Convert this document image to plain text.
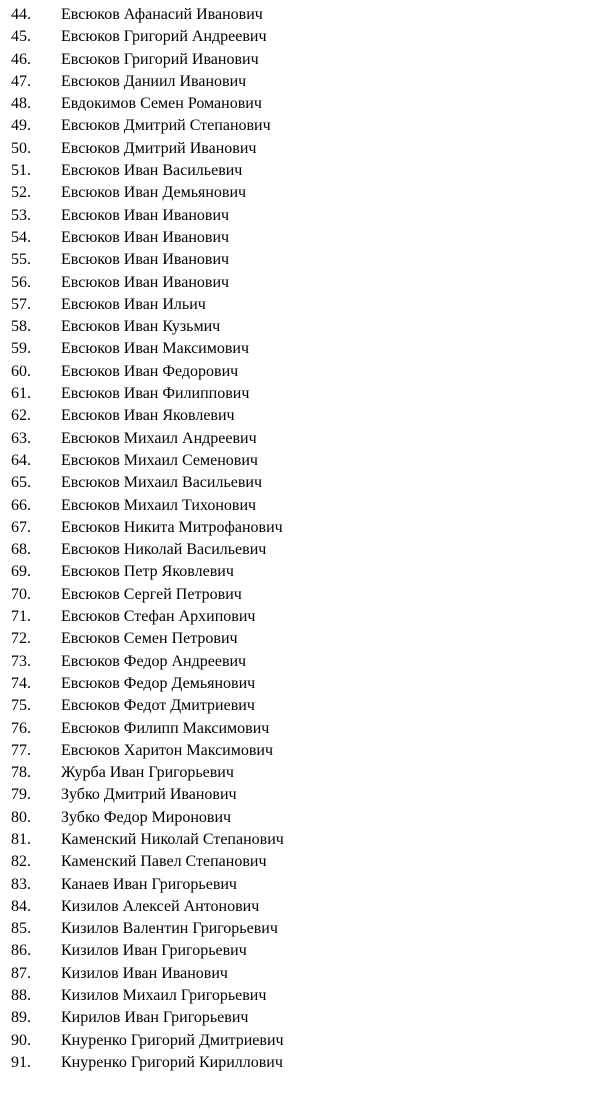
44. Евсюков Афанасий Иванович
45. Евсюков Григорий Андреевич
46. Евсюков Григорий Иванович
47. Евсюков Даниил Иванович
48. Евдокимов Семен Романович
49. Евсюков Дмитрий Степанович
50. Евсюков Дмитрий Иванович
51. Евсюков Иван Васильевич
52. Евсюков Иван Демьянович
53. Евсюков Иван Иванович
54. Евсюков Иван Иванович
55. Евсюков Иван Иванович
56. Евсюков Иван Иванович
57. Евсюков Иван Ильич
58. Евсюков Иван Кузьмич
59. Евсюков Иван Максимович
60. Евсюков Иван Федорович
61. Евсюков Иван Филиппович
62. Евсюков Иван Яковлевич
63. Евсюков Михаил Андреевич
64. Евсюков Михаил Семенович
65. Евсюков Михаил Васильевич
66. Евсюков Михаил Тихонович
67. Евсюков Никита Митрофанович
68. Евсюков Николай Васильевич
69. Евсюков Петр Яковлевич
70. Евсюков Сергей Петрович
71. Евсюков Стефан Архипович
72. Евсюков Семен Петрович
73. Евсюков Федор Андреевич
74. Евсюков Федор Демьянович
75. Евсюков Федот Дмитриевич
76. Евсюков Филипп Максимович
77. Евсюков Харитон Максимович
78. Журба Иван Григорьевич
79. Зубко Дмитрий Иванович
80. Зубко Федор Миронович
81. Каменский Николай Степанович
82. Каменский Павел Степанович
83. Канаев Иван Григорьевич
84. Кизилов Алексей Антонович
85. Кизилов Валентин Григорьевич
86. Кизилов Иван Григорьевич
87. Кизилов Иван Иванович
88. Кизилов Михаил Григорьевич
89. Кирилов Иван Григорьевич
90. Кнуренко Григорий Дмитриевич
91. Кнуренко Григорий Кириллович
